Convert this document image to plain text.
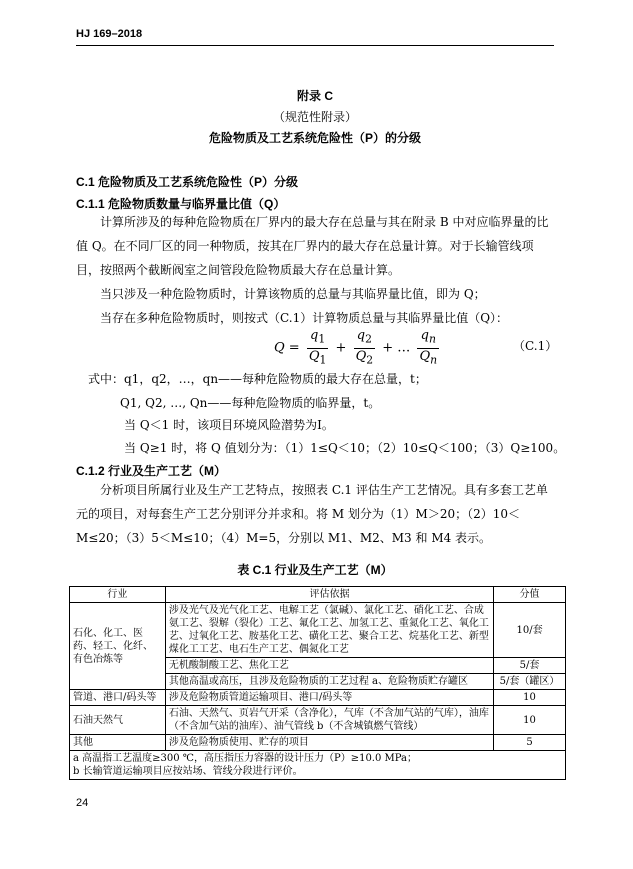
HJ 169–2018
附录 C
（规范性附录）
危险物质及工艺系统危险性（P）的分级
C.1 危险物质及工艺系统危险性（P）分级
C.1.1 危险物质数量与临界量比值（Q）
计算所涉及的每种危险物质在厂界内的最大存在总量与其在附录 B 中对应临界量的比值 Q。在不同厂区的同一种物质，按其在厂界内的最大存在总量计算。对于长输管线项目，按照两个截断阀室之间管段危险物质最大存在总量计算。
当只涉及一种危险物质时，计算该物质的总量与其临界量比值，即为 Q；
当存在多种危险物质时，则按式（C.1）计算物质总量与其临界量比值（Q）：
$Q = \frac{q_1}{Q_1} + \frac{q_2}{Q_2}$ + … $\frac{q_n}{Q_n}$	（C.1）
式中：q1，q2，…，qn——每种危险物质的最大存在总量，t；
Q1, Q2, …, Qn——每种危险物质的临界量，t。
当 Q＜1 时，该项目环境风险潜势为Ⅰ。
当 Q≥1 时，将 Q 值划分为：（1）1≤Q＜10；（2）10≤Q＜100；（3）Q≥100。
C.1.2 行业及生产工艺（M）
分析项目所属行业及生产工艺特点，按照表 C.1 评估生产工艺情况。具有多套工艺单元的项目，对每套生产工艺分别评分并求和。将 M 划分为（1）M＞20；（2）10＜M≤20；（3）5＜M≤10；（4）M=5，分别以 M1、M2、M3 和 M4 表示。
表 C.1 行业及生产工艺（M）
行业	评估依据	分值
石化、化工、医药、轻工、化纤、有色冶炼等	涉及光气及光气化工艺、电解工艺（氯碱）、氯化工艺、硝化工艺、合成氨工艺、裂解（裂化）工艺、氟化工艺、加氢工艺、重氮化工艺、氧化工艺、过氧化工艺、胺基化工艺、磺化工艺、聚合工艺、烷基化工艺、新型煤化工工艺、电石生产工艺、偶氮化工艺	10/套
	无机酸制酸工艺、焦化工艺	5/套
	其他高温或高压，且涉及危险物质的工艺过程 a、危险物质贮存罐区	5/套（罐区）
管道、港口/码头等	涉及危险物质管道运输项目、港口/码头等	10
石油天然气	石油、天然气、页岩气开采（含净化），气库（不含加气站的气库），油库（不含加气站的油库）、油气管线 b（不含城镇燃气管线）	10
其他	涉及危险物质使用、贮存的项目	5

a 高温指工艺温度≥300 ℃，高压指压力容器的设计压力（P）≥10.0 MPa；
b 长输管道运输项目应按站场、管线分段进行评价。		
24
